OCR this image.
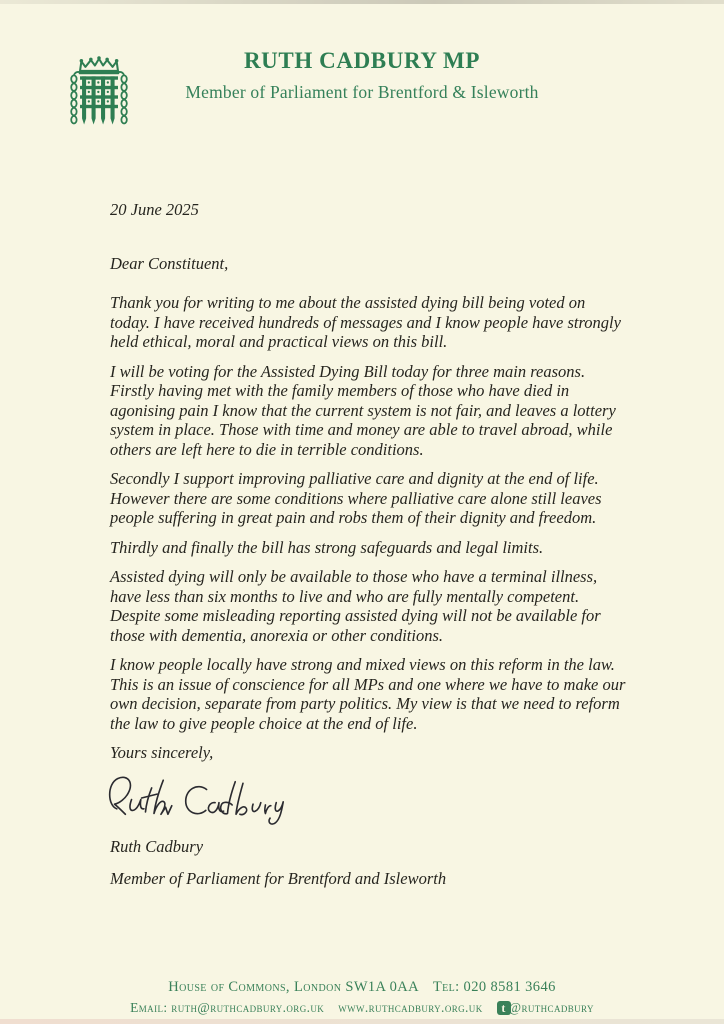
RUTH CADBURY MP
Member of Parliament for Brentford & Isleworth

20 June 2025

Dear Constituent,

Thank you for writing to me about the assisted dying bill being voted on today. I have received hundreds of messages and I know people have strongly held ethical, moral and practical views on this bill.

I will be voting for the Assisted Dying Bill today for three main reasons. Firstly having met with the family members of those who have died in agonising pain I know that the current system is not fair, and leaves a lottery system in place. Those with time and money are able to travel abroad, while others are left here to die in terrible conditions.

Secondly I support improving palliative care and dignity at the end of life. However there are some conditions where palliative care alone still leaves people suffering in great pain and robs them of their dignity and freedom.

Thirdly and finally the bill has strong safeguards and legal limits.

Assisted dying will only be available to those who have a terminal illness, have less than six months to live and who are fully mentally competent. Despite some misleading reporting assisted dying will not be available for those with dementia, anorexia or other conditions.

I know people locally have strong and mixed views on this reform in the law. This is an issue of conscience for all MPs and one where we have to make our own decision, separate from party politics. My view is that we need to reform the law to give people choice at the end of life.

Yours sincerely,

Ruth Cadbury

Member of Parliament for Brentford and Isleworth

House of Commons, London SW1A 0AA Tel: 020 8581 3646
Email: ruth@ruthcadbury.org.uk www.ruthcadbury.org.uk	t @ruthcadbury
